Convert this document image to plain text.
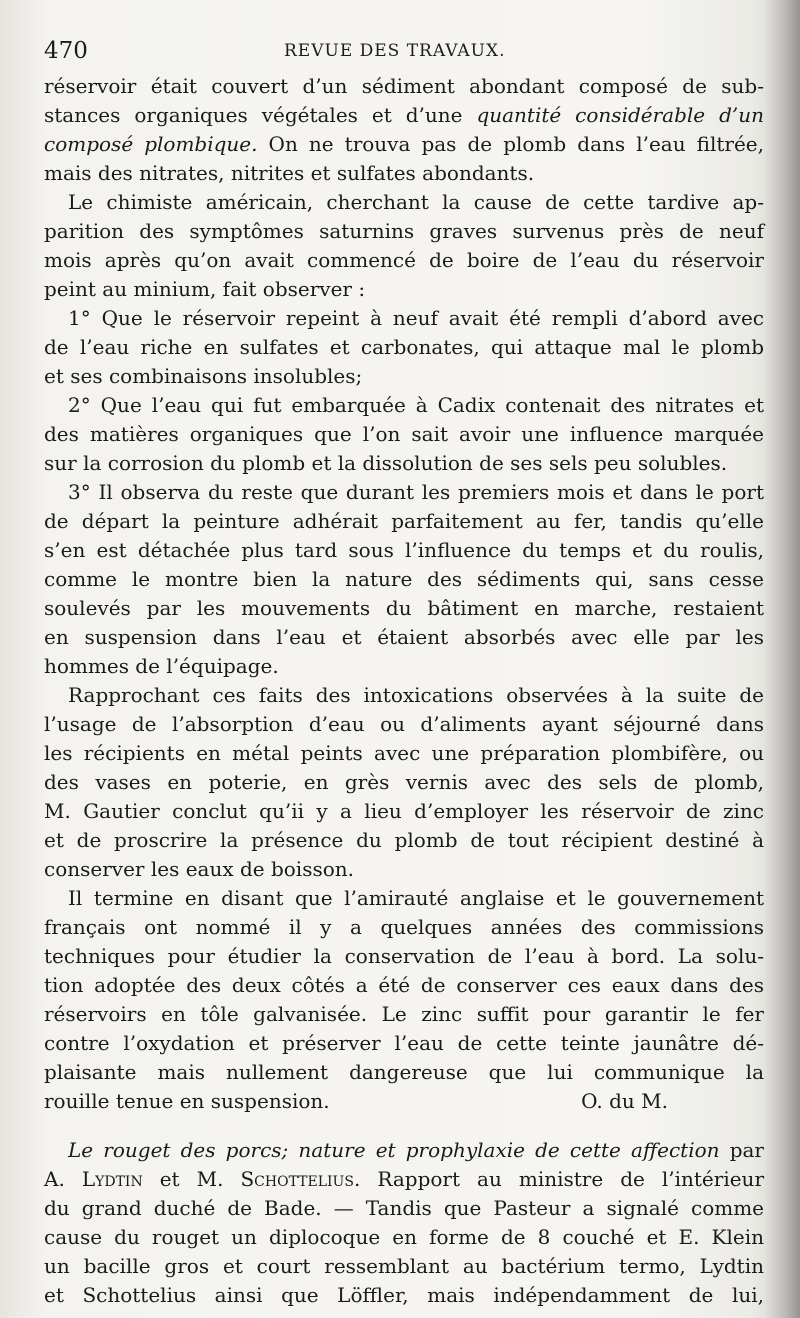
470	REVUE DES TRAVAUX.
réservoir était couvert d’un sédiment abondant composé de sub-
stances organiques végétales et d’une quantité considérable d’un
composé plombique. On ne trouva pas de plomb dans l’eau filtrée,
mais des nitrates, nitrites et sulfates abondants.
Le chimiste américain, cherchant la cause de cette tardive ap-
parition des symptômes saturnins graves survenus près de neuf
mois après qu’on avait commencé de boire de l’eau du réservoir
peint au minium, fait observer :
1° Que le réservoir repeint à neuf avait été rempli d’abord avec
de l’eau riche en sulfates et carbonates, qui attaque mal le plomb
et ses combinaisons insolubles;
2° Que l’eau qui fut embarquée à Cadix contenait des nitrates et
des matières organiques que l’on sait avoir une influence marquée
sur la corrosion du plomb et la dissolution de ses sels peu solubles.
3° Il observa du reste que durant les premiers mois et dans le port
de départ la peinture adhérait parfaitement au fer, tandis qu’elle
s’en est détachée plus tard sous l’influence du temps et du roulis,
comme le montre bien la nature des sédiments qui, sans cesse
soulevés par les mouvements du bâtiment en marche, restaient
en suspension dans l’eau et étaient absorbés avec elle par les
hommes de l’équipage.
Rapprochant ces faits des intoxications observées à la suite de
l’usage de l’absorption d’eau ou d’aliments ayant séjourné dans
les récipients en métal peints avec une préparation plombifère, ou
des vases en poterie, en grès vernis avec des sels de plomb,
M. Gautier conclut qu’ii y a lieu d’employer les réservoir de zinc
et de proscrire la présence du plomb de tout récipient destiné à
conserver les eaux de boisson.
Il termine en disant que l’amirauté anglaise et le gouvernement
français ont nommé il y a quelques années des commissions
techniques pour étudier la conservation de l’eau à bord. La solu-
tion adoptée des deux côtés a été de conserver ces eaux dans des
réservoirs en tôle galvanisée. Le zinc suffit pour garantir le fer
contre l’oxydation et préserver l’eau de cette teinte jaunâtre dé-
plaisante mais nullement dangereuse que lui communique la
rouille tenue en suspension.	O. du M.
Le rouget des porcs; nature et prophylaxie de cette affection par
A. Lydtin et M. Schottelius. Rapport au ministre de l’intérieur
du grand duché de Bade. — Tandis que Pasteur a signalé comme
cause du rouget un diplocoque en forme de 8 couché et E. Klein
un bacille gros et court ressemblant au bactérium termo, Lydtin
et Schottelius ainsi que Löffler, mais indépendamment de lui,
